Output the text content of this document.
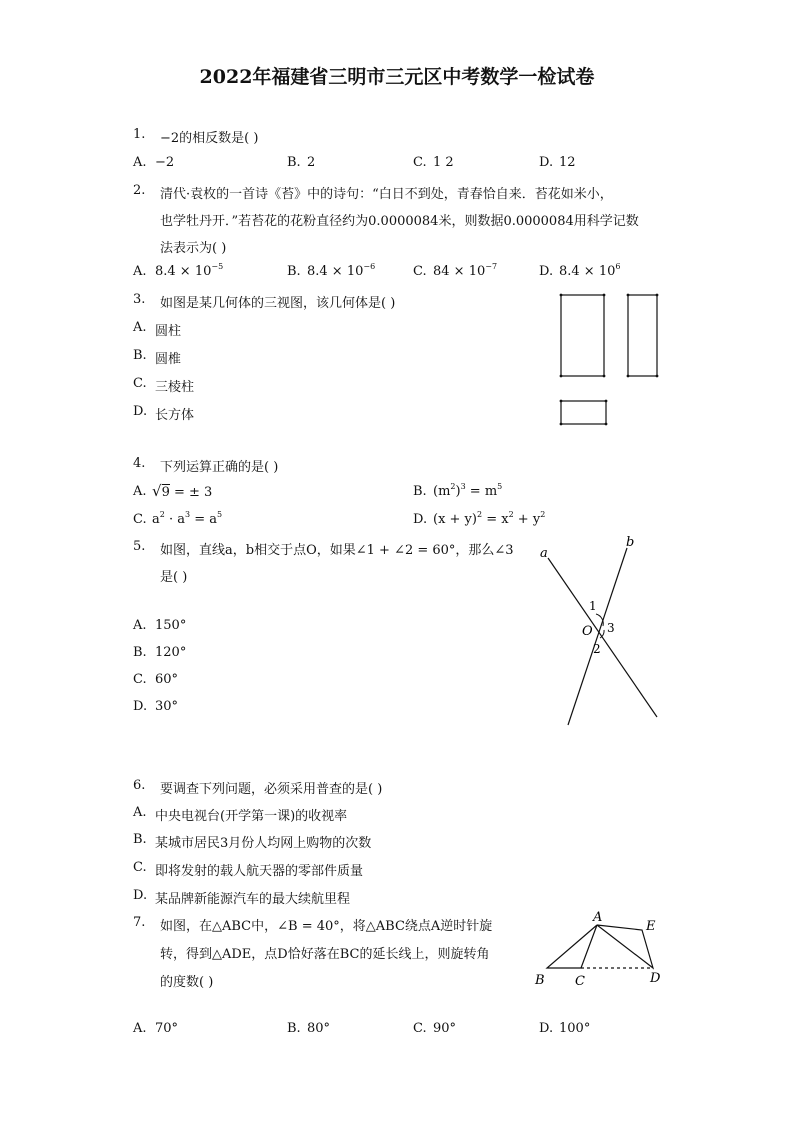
2022年福建省三明市三元区中考数学一检试卷
1. −2的相反数是( )
A. −2	B. 2	C. 1 2	D. 12
2. 清代·袁枚的一首诗《苔》中的诗句：“白日不到处，青春恰自来．苔花如米小，
也学牡丹开．”若苔花的花粉直径约为0.0000084米，则数据0.0000084用科学记数
法表示为( )
A. $8.4 \times 10^{-5}$	B. $8.4 \times 10^{-6}$	C. $84 \times 10^{-7}$	D. $8.4 \times 10^6$
3. 如图是某几何体的三视图，该几何体是( )
A. 圆柱
B. 圆椎
C. 三棱柱
D. 长方体
4. 下列运算正确的是( )
A. √9 = ± 3	B. $(m^2)^3 = m^5$
C. $a^2 \cdot a^3 = a^5$	D. $(x + y)^2 = x^2 + y^2$
5. 如图，直线a，b相交于点O，如果∠1 + ∠2 = 60°，那么∠3
是( )
A. 150°
B. 120°
C. 60°
D. 30°
a
b
1
O 3
2
6. 要调查下列问题，必须采用普查的是( )
A. 中央电视台(开学第一课)的收视率
B. 某城市居民3月份人均网上购物的次数
C. 即将发射的载人航天器的零部件质量
D. 某品牌新能源汽车的最大续航里程
7. 如图，在△ABC中，∠B = 40°，将△ABC绕点A逆时针旋
转，得到△ADE，点D恰好落在BC的延长线上，则旋转角
的度数( )
A. 70°	B. 80°	C. 90°	D. 100°
A
E
B C	D
